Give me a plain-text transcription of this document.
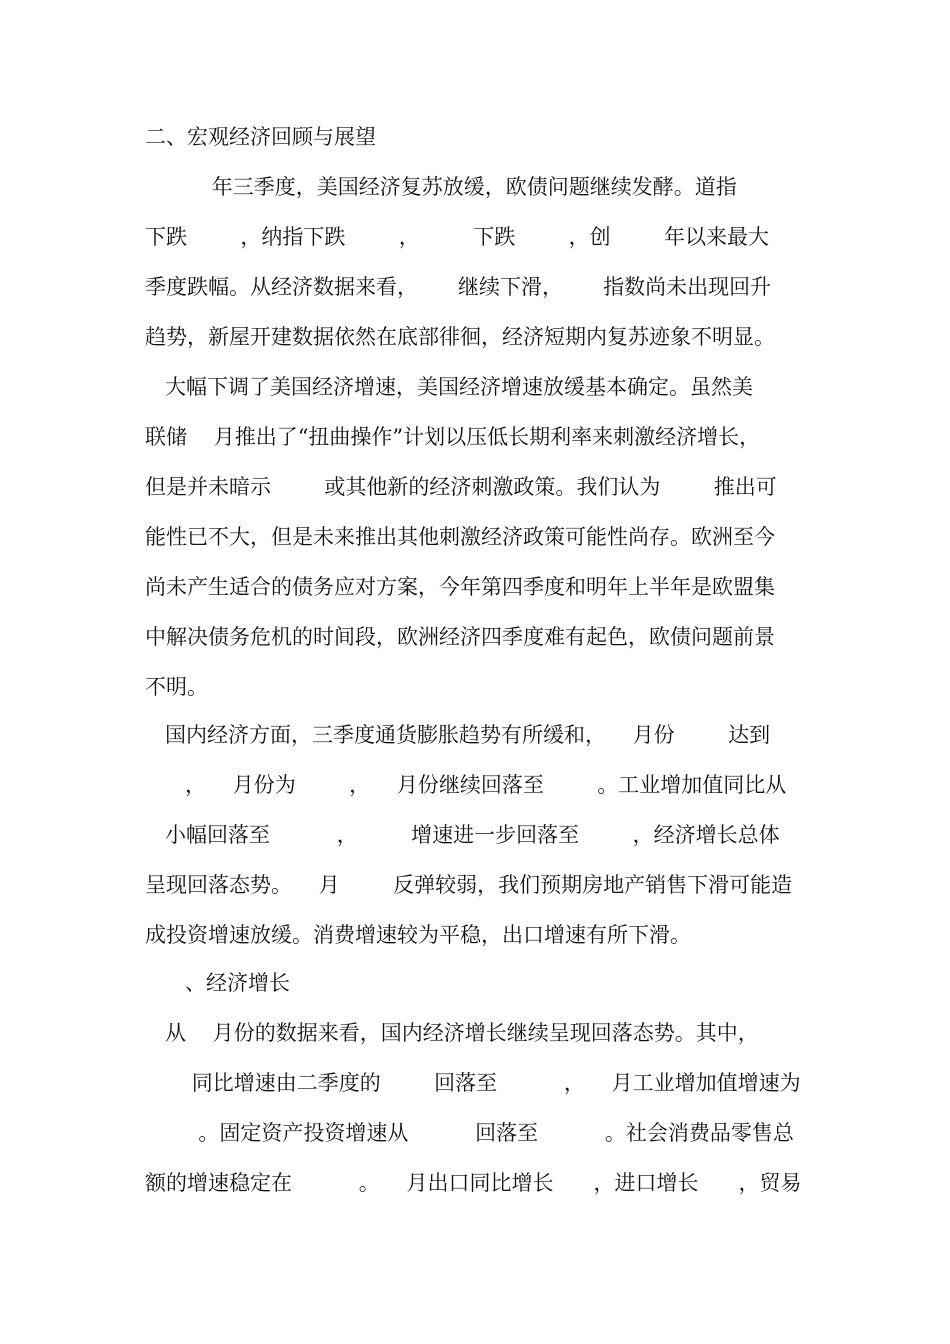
二、宏观经济回顾与展望
年三季度，美国经济复苏放缓，欧债问题继续发酵。道指
下跌        ，纳指下跌        ，        下跌        ，创        年以来最大
季度跌幅。从经济数据来看，      继续下滑，      指数尚未出现回升
趋势，新屋开建数据依然在底部徘徊，经济短期内复苏迹象不明显。
大幅下调了美国经济增速，美国经济增速放缓基本确定。虽然美
联储    月推出了“扭曲操作”计划以压低长期利率来刺激经济增长，
但是并未暗示        或其他新的经济刺激政策。我们认为        推出可
能性已不大，但是未来推出其他刺激经济政策可能性尚存。欧洲至今
尚未产生适合的债务应对方案，今年第四季度和明年上半年是欧盟集
中解决债务危机的时间段，欧洲经济四季度难有起色，欧债问题前景
不明。
国内经济方面，三季度通货膨胀趋势有所缓和，    月份        达到
，    月份为        ，    月份继续回落至        。工业增加值同比从
小幅回落至          ，        增速进一步回落至        ，经济增长总体
呈现回落态势。    月        反弹较弱，我们预期房地产销售下滑可能造
成投资增速放缓。消费增速较为平稳，出口增速有所下滑。
、经济增长
从    月份的数据来看，国内经济增长继续呈现回落态势。其中，
同比增速由二季度的        回落至          ，    月工业增加值增速为
。固定资产投资增速从          回落至          。社会消费品零售总
额的增速稳定在          。    月出口同比增长      ，进口增长      ，贸易
